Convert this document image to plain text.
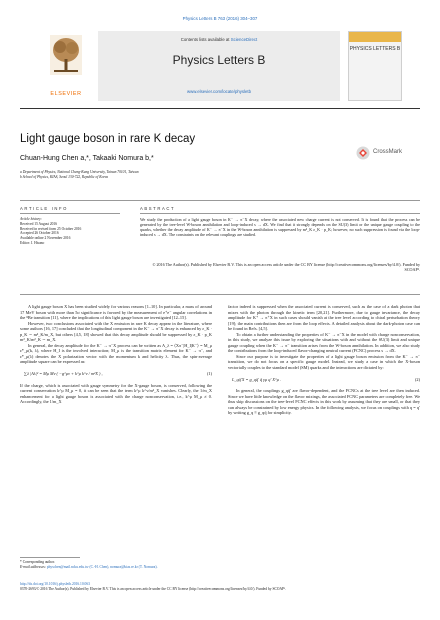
Physics Letters B 763 (2016) 304–307
ELSEVIER
Contents lists available at ScienceDirect
Physics Letters B
www.elsevier.com/locate/physletb
PHYSICS LETTERS B
Light gauge boson in rare K decay
Chuan-Hung Chen a,*, Takaaki Nomura b,*
CrossMark
a Department of Physics, National Cheng-Kung University, Tainan 70101, Taiwan
b School of Physics, KIAS, Seoul 130-722, Republic of Korea
ARTICLE INFO
Article history:
Received 15 August 2016
Received in revised form 25 October 2016
Accepted 26 October 2016
Available online 2 November 2016
Editor: J. Hisano
ABSTRACT
We study the production of a light gauge boson in K⁻ → π⁻X decay, where the associated new charge current is not conserved. It is found that the process can be generated by the tree-level W-boson annihilation and loop-induced s → dX. We find that it strongly depends on the SU(3) limit or the unique gauge coupling to the quarks, whether the decay amplitude of K⁻ → π⁻X in the W-boson annihilation is suppressed by m²_K ε_K · p_K; however, no such suppression is found via the loop-induced s → dX. The constraints on the relevant couplings are studied.
© 2016 The Author(s). Published by Elsevier B.V. This is an open access article under the CC BY license (http://creativecommons.org/licenses/by/4.0/). Funded by SCOAP³.

A light gauge boson X has been studied widely for various reasons [1–10]. In particular, a mass of around 17 MeV boson with more than 5σ significance is favored by the measurement of e⁺e⁻ angular correlations in the ⁸Be transition [11], where the implications of this light gauge boson are investigated [12–15].

However, two conclusions associated with the X emission in rare K decay appear in the literature, where some authors [16, 17] concluded that the longitudinal component in the K⁻ → π⁻X decay is enhanced by ε_K · p_K ∼ m²_K/m_X, but others [4,5, 18] showed that this decay amplitude should be suppressed by ε_K · p_K m²_K/m²_K ∼ m_X.

In general, the decay amplitude for the K⁻ → π⁻X process can be written as A_λ = ⟨Xπ⁻|H_I|K⁻⟩ = M_μ ε*_μ(k, λ), where H_I is the involved interaction; M_μ is the transition matrix element for K⁻ → π⁻, and ε*_μ(λ) denotes the X polarization vector with the momentum k and helicity λ. Thus, the spin-average amplitude square can be expressed as:

∑λ |Aλ|² = Mμ Mν ( −g^μν + k^μ k^ν / m²X ) ,	(1)

If the charge, which is associated with gauge symmetry for the X-gauge boson, is conserved, following the current conservation k^μ M_μ = 0, it can be seen that the term k^μ k^ν/m²_X vanishes. Clearly, the 1/m_X enhancement for a light gauge boson is associated with the charge nonconservation, i.e., k^μ M_μ ≠ 0. Accordingly, the 1/m_X

factor indeed is suppressed when the associated current is conserved, such as the case of a dark photon that mixes with the photon through the kinetic term [20,21]. Furthermore, due to gauge invariance, the decay amplitude for K⁺ → π⁺X in such cases should vanish at the tree level according to chiral perturbation theory [19]; the main contributions then are from the loop effects. A detailed analysis about the dark-photon case can be found in Refs. [4,5].

To obtain a further understanding the properties of K⁻ → π⁻X in the model with charge nonconservation, in this study, we analyze this issue by exploring the situations with and without the SU(3) limit and unique gauge coupling when the K⁻ → π⁻ transition arises from the W-boson annihilation. In addition, we also study the contributions from the loop-induced flavor-changing neutral current (FCNC) process s → dX.

Since our purpose is to investigate the properties of a light gauge boson emission from the K⁻ → π⁻ transition, we do not focus on a specific gauge model. Instead, we study a case in which the X-boson vectorially couples to the standard model (SM) quarks and the interactions are dictated by:

L_qq̄′X = g_qq̄′ q̄ γμ q′ X^μ .	(2)

In general, the couplings g_qq̄′ are flavor-dependent, and the FCNCs at the tree level are then induced. Since we have little knowledge on the flavor mixings, the associated FCNC parameters are completely free. We thus skip discussions on the tree-level FCNC effects in this work by assuming that they are small, or that they can always be constrained by low energy physics. In the following analysis, we focus on couplings with q = q′ by writing g_q ≡ g_qq̄ for simplicity.

* Corresponding author.
E-mail addresses: physchen@mail.ncku.edu.tw (C.-H. Chen), nomura@kias.re.kr (T. Nomura).
http://dx.doi.org/10.1016/j.physletb.2016.10.063
0370-2693/© 2016 The Author(s). Published by Elsevier B.V. This is an open access article under the CC BY license (http://creativecommons.org/licenses/by/4.0/). Funded by SCOAP³.
